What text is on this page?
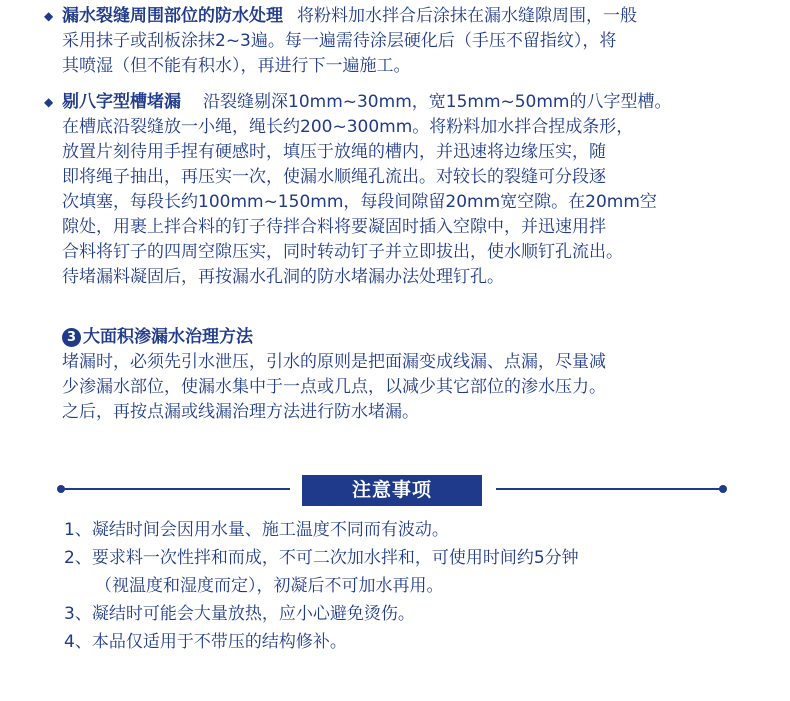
◆ 漏水裂缝周围部位的防水处理 将粉料加水拌合后涂抹在漏水缝隙周围，一般
采用抹子或刮板涂抹2~3遍。每一遍需待涂层硬化后（手压不留指纹），将
其喷湿（但不能有积水），再进行下一遍施工。
◆ 剔八字型槽堵漏 沿裂缝剔深10mm~30mm，宽15mm~50mm的八字型槽。
在槽底沿裂缝放一小绳，绳长约200~300mm。将粉料加水拌合捏成条形，
放置片刻待用手捏有硬感时，填压于放绳的槽内，并迅速将边缘压实，随
即将绳子抽出，再压实一次，使漏水顺绳孔流出。对较长的裂缝可分段逐
次填塞，每段长约100mm~150mm，每段间隙留20mm宽空隙。在20mm空
隙处，用裹上拌合料的钉子待拌合料将要凝固时插入空隙中，并迅速用拌
合料将钉子的四周空隙压实，同时转动钉子并立即拔出，使水顺钉孔流出。
待堵漏料凝固后，再按漏水孔洞的防水堵漏办法处理钉孔。
3 大面积渗漏水治理方法
堵漏时，必须先引水泄压，引水的原则是把面漏变成线漏、点漏，尽量减
少渗漏水部位，使漏水集中于一点或几点，以减少其它部位的渗水压力。
之后，再按点漏或线漏治理方法进行防水堵漏。
注意事项
1、凝结时间会因用水量、施工温度不同而有波动。
2、要求料一次性拌和而成，不可二次加水拌和，可使用时间约5分钟
（视温度和湿度而定），初凝后不可加水再用。
3、凝结时可能会大量放热，应小心避免烫伤。
4、本品仅适用于不带压的结构修补。
